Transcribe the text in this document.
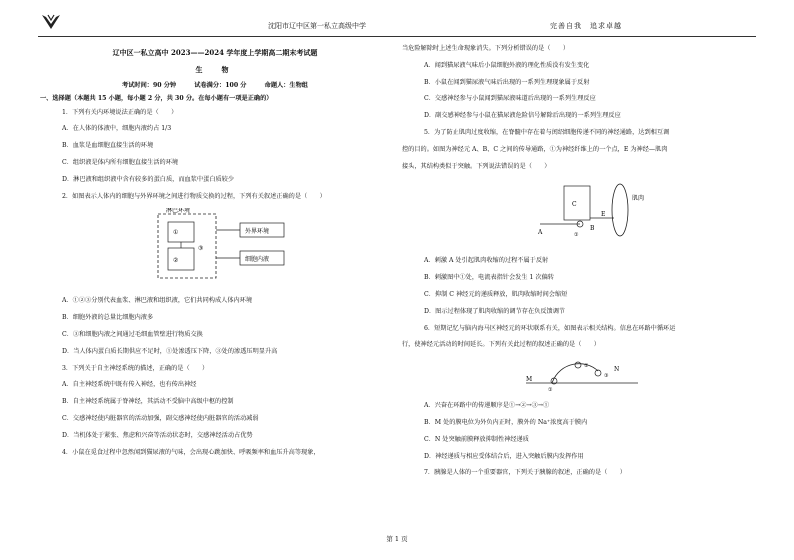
沈阳市辽中区第一私立高级中学	完善自我　追求卓越
辽中区一私立高中 2023——2024 学年度上学期高二期末考试题
生　物
考试时间：90 分钟	试卷满分：100 分	命题人：生物组
一、选择题（本题共 15 小题，每小题 2 分，共 30 分。在每小题有一项是正确的）
1．下列有关内环境说法正确的是（　　）
A．在人体的体液中，细胞内液约占 1/3
B．血浆是血细胞直接生活的环境
C．组织液是体内所有细胞直接生活的环境
D．淋巴液和组织液中含有较多的蛋白质，而血浆中蛋白质较少
2．如图表示人体内的细胞与外界环境之间进行物质交换的过程，下列有关叙述正确的是（　　）
淋巴环境
①
②
③
外界环境
细胞内液
A．①②③分别代表血浆、淋巴液和组织液，它们共同构成人体内环境
B．细胞外液的总量比细胞内液多
C．③和细胞内液之间通过毛细血管壁进行物质交换
D．当人体内蛋白质长期供应不足时，①处渗透压下降，③处的渗透压明显升高
3．下列关于自主神经系统的描述，正确的是（　　）
A．自主神经系统中既有传入神经，也有传出神经
B．自主神经系统属于脊神经，其活动不受脑中高级中枢的控制
C．交感神经使内脏器官的活动加强，副交感神经使内脏器官的活动减弱
D．当机体处于紧张、焦虑和兴奋等活动状态时，交感神经活动占优势
4．小鼠在觅食过程中忽然闻到猫尿液的气味，会出现心跳加快、呼吸频率和血压升高等现象，
当危险解除时上述生命现象消失。下列分析错误的是（　　）
A．闻到猫尿液气味后小鼠细胞外液的理化性质没有发生变化
B．小鼠在闻到猫尿液气味后出现的一系列生理现象属于反射
C．交感神经参与小鼠闻到猫尿液味道后出现的一系列生理反应
D．副交感神经参与小鼠在猫尿液危险信号解除后出现的一系列生理反应
5．为了防止肌肉过度收缩，在脊髓中存在着与闰绍细胞传递不同的神经通路，达到相互调
控的目的。如图为神经元 A、B、C 之间的传导通路，①为神经纤维上的一个点，E 为神经—肌肉
接头，其结构类似于突触。下列说法错误的是（　　）
A
C
①
B
E
肌肉
A．刺激 A 处引起肌肉收缩的过程不属于反射
B．刺激图中①处，电流表指针会发生 1 次偏转
C．抑制 C 神经元的递质释放，肌肉收缩时间会缩短
D．图示过程体现了肌肉收缩的调节存在负反馈调节
6．短期记忆与脑内海马区神经元的环状联系有关，如图表示相关结构。信息在环路中循环运
行，使神经元活动的时间延长。下列有关此过程的叙述正确的是（　　）
M
①
②
③
N
A．兴奋在环路中的传递顺序是①→②→③→①
B．M 处的膜电位为外负内正时，膜外的 Na⁺浓度高于膜内
C．N 处突触前膜释放抑制性神经递质
D．神经递质与相应受体结合后，进入突触后膜内发挥作用
7．胰腺是人体的一个重要器官，下列关于胰腺的叙述，正确的是（　　）
第 1 页
